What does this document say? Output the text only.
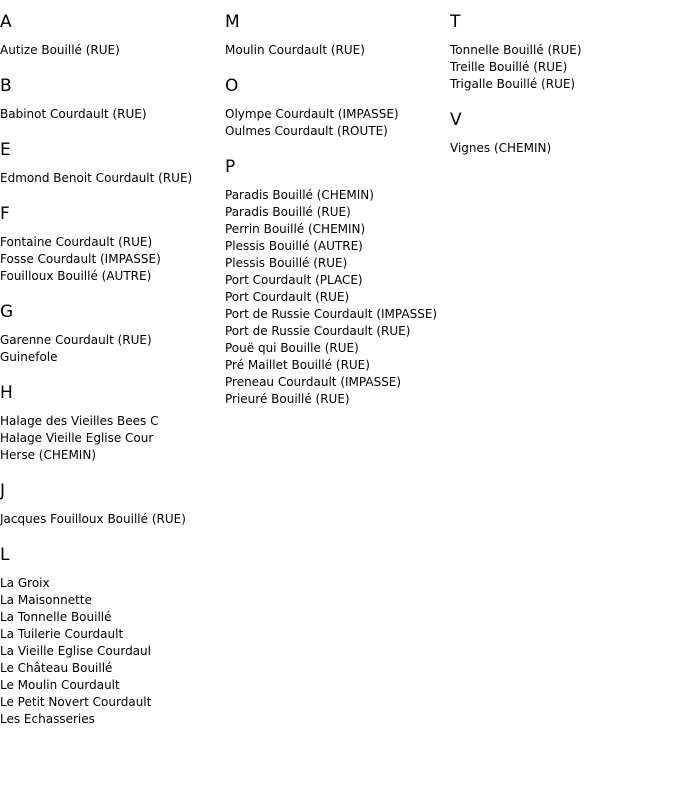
A
Autize Bouillé (RUE)
B
Babinot Courdault (RUE)
E
Edmond Benoit Courdault (RUE)
F
Fontaine Courdault (RUE)
Fosse Courdault (IMPASSE)
Fouilloux Bouillé (AUTRE)
G
Garenne Courdault (RUE)
Guinefole
H
Halage des Vieilles Bees C
Halage Vieille Eglise Cour
Herse (CHEMIN)
J
Jacques Fouilloux Bouillé (RUE)
L
La Groix
La Maisonnette
La Tonnelle Bouillé
La Tuilerie Courdault
La Vieille Eglise Courdaul
Le Château Bouillé
Le Moulin Courdault
Le Petit Novert Courdault
Les Echasseries
M
Moulin Courdault (RUE)
O
Olympe Courdault (IMPASSE)
Oulmes Courdault (ROUTE)
P
Paradis Bouillé (CHEMIN)
Paradis Bouillé (RUE)
Perrin Bouillé (CHEMIN)
Plessis Bouillé (AUTRE)
Plessis Bouillé (RUE)
Port Courdault (PLACE)
Port Courdault (RUE)
Port de Russie Courdault (IMPASSE)
Port de Russie Courdault (RUE)
Pouë qui Bouille (RUE)
Pré Maillet Bouillé (RUE)
Preneau Courdault (IMPASSE)
Prieuré Bouillé (RUE)
T
Tonnelle Bouillé (RUE)
Treille Bouillé (RUE)
Trigalle Bouillé (RUE)
V
Vignes (CHEMIN)
